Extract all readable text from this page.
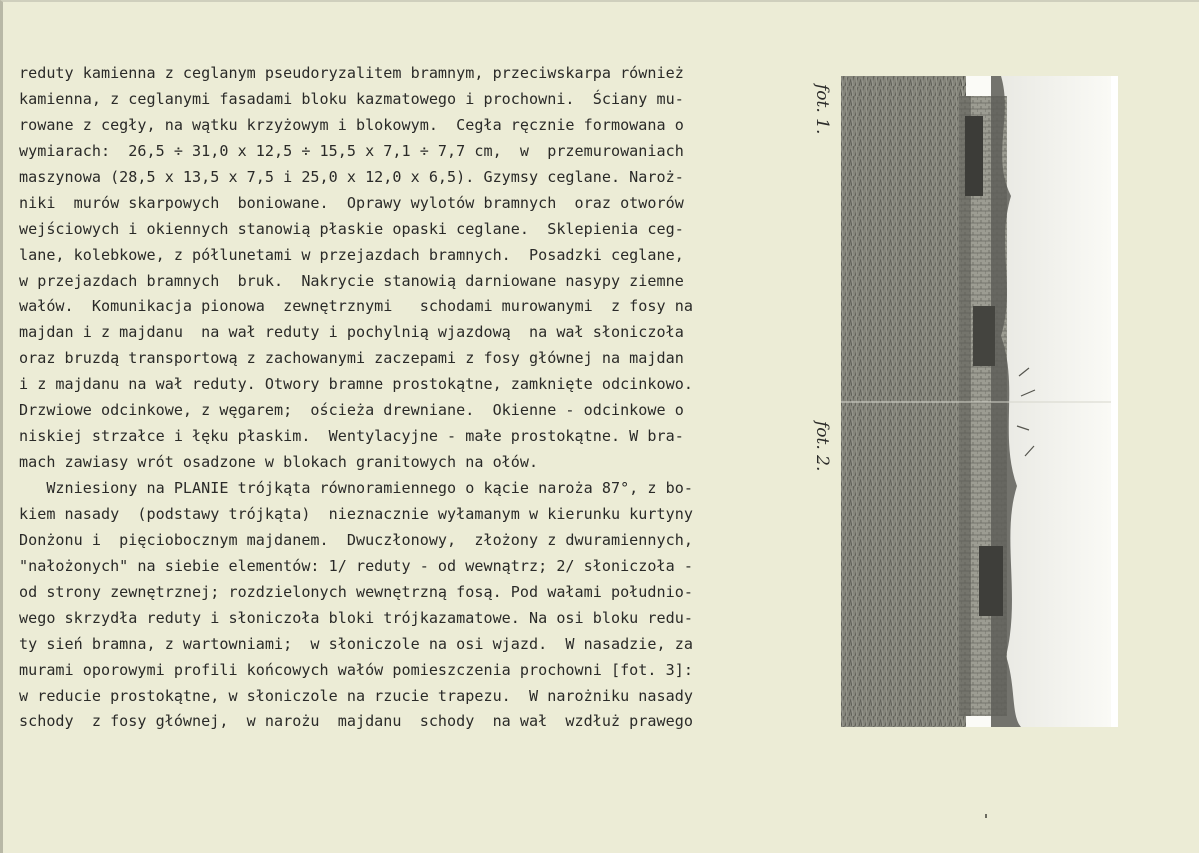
reduty kamienna z ceglanym pseudoryzalitem bramnym, przeciwskarpa również
kamienna, z ceglanymi fasadami bloku kazmatowego i prochowni.  Ściany mu-
rowane z cegły, na wątku krzyżowym i blokowym.  Cegła ręcznie formowana o
wymiarach:  26,5 ÷ 31,0 x 12,5 ÷ 15,5 x 7,1 ÷ 7,7 cm,  w  przemurowaniach
maszynowa (28,5 x 13,5 x 7,5 i 25,0 x 12,0 x 6,5). Gzymsy ceglane. Naroż-
niki  murów skarpowych  boniowane.  Oprawy wylotów bramnych  oraz otworów
wejściowych i okiennych stanowią płaskie opaski ceglane.  Sklepienia ceg-
lane, kolebkowe, z półlunetami w przejazdach bramnych.  Posadzki ceglane,
w przejazdach bramnych  bruk.  Nakrycie stanowią darniowane nasypy ziemne
wałów.  Komunikacja pionowa  zewnętrznymi   schodami murowanymi  z fosy na
majdan i z majdanu  na wał reduty i pochylnią wjazdową  na wał słoniczoła
oraz bruzdą transportową z zachowanymi zaczepami z fosy głównej na majdan
i z majdanu na wał reduty. Otwory bramne prostokątne, zamknięte odcinkowo.
Drzwiowe odcinkowe, z węgarem;  ościeża drewniane.  Okienne - odcinkowe o
niskiej strzałce i łęku płaskim.  Wentylacyjne - małe prostokątne. W bra-
mach zawiasy wrót osadzone w blokach granitowych na ołów.
Wzniesiony na PLANIE trójkąta równoramiennego o kącie naroża 87°, z bo-
kiem nasady  (podstawy trójkąta)  nieznacznie wyłamanym w kierunku kurtyny
Donżonu i  pięciobocznym majdanem.  Dwuczłonowy,  złożony z dwuramiennych,
"nałożonych" na siebie elementów: 1/ reduty - od wewnątrz; 2/ słoniczoła -
od strony zewnętrznej; rozdzielonych wewnętrzną fosą. Pod wałami południo-
wego skrzydła reduty i słoniczoła bloki trójkazamatowe. Na osi bloku redu-
ty sień bramna, z wartowniami;  w słoniczole na osi wjazd.  W nasadzie, za
murami oporowymi profili końcowych wałów pomieszczenia prochowni [fot. 3]:
w reducie prostokątne, w słoniczole na rzucie trapezu.  W narożniku nasady
schody  z fosy głównej,  w narożu  majdanu  schody  na wał  wzdłuż prawego
fot. 1.
fot. 2.
